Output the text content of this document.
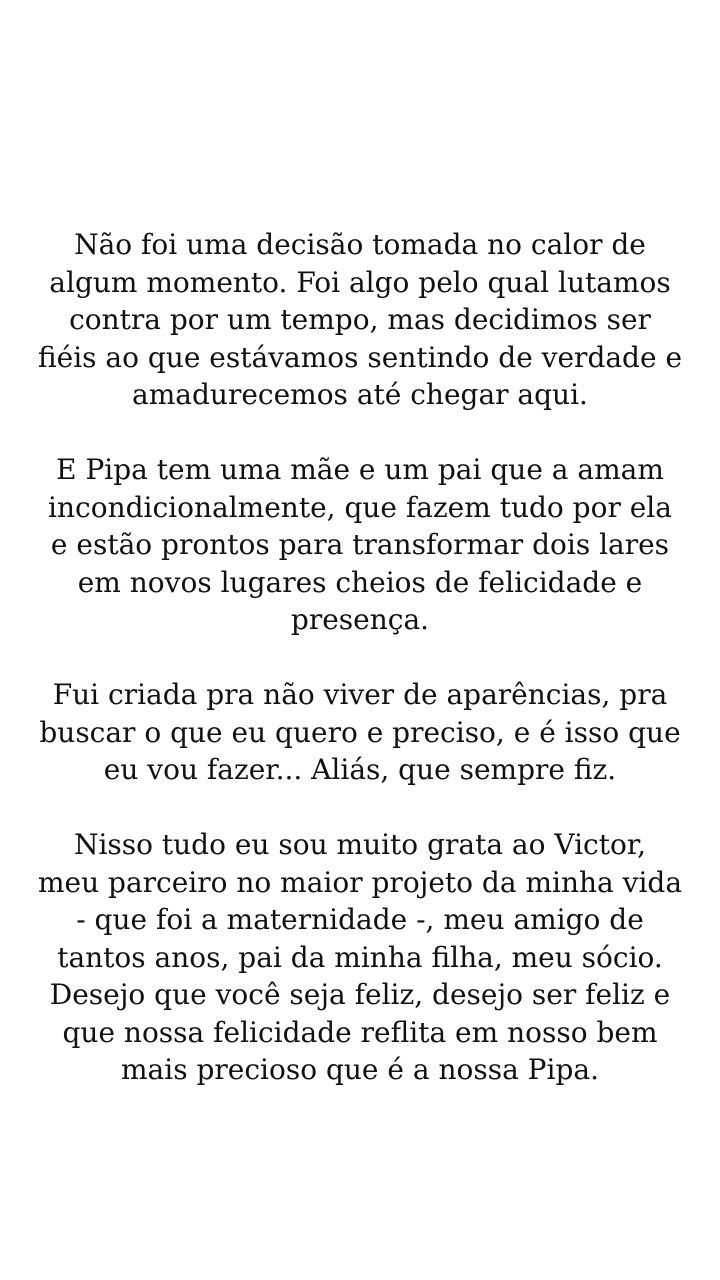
Não foi uma decisão tomada no calor de
algum momento. Foi algo pelo qual lutamos
contra por um tempo, mas decidimos ser
fiéis ao que estávamos sentindo de verdade e
amadurecemos até chegar aqui.

E Pipa tem uma mãe e um pai que a amam
incondicionalmente, que fazem tudo por ela
e estão prontos para transformar dois lares
em novos lugares cheios de felicidade e
presença.

Fui criada pra não viver de aparências, pra
buscar o que eu quero e preciso, e é isso que
eu vou fazer... Aliás, que sempre fiz.

Nisso tudo eu sou muito grata ao Victor,
meu parceiro no maior projeto da minha vida
- que foi a maternidade -, meu amigo de
tantos anos, pai da minha filha, meu sócio.
Desejo que você seja feliz, desejo ser feliz e
que nossa felicidade reflita em nosso bem
mais precioso que é a nossa Pipa.
